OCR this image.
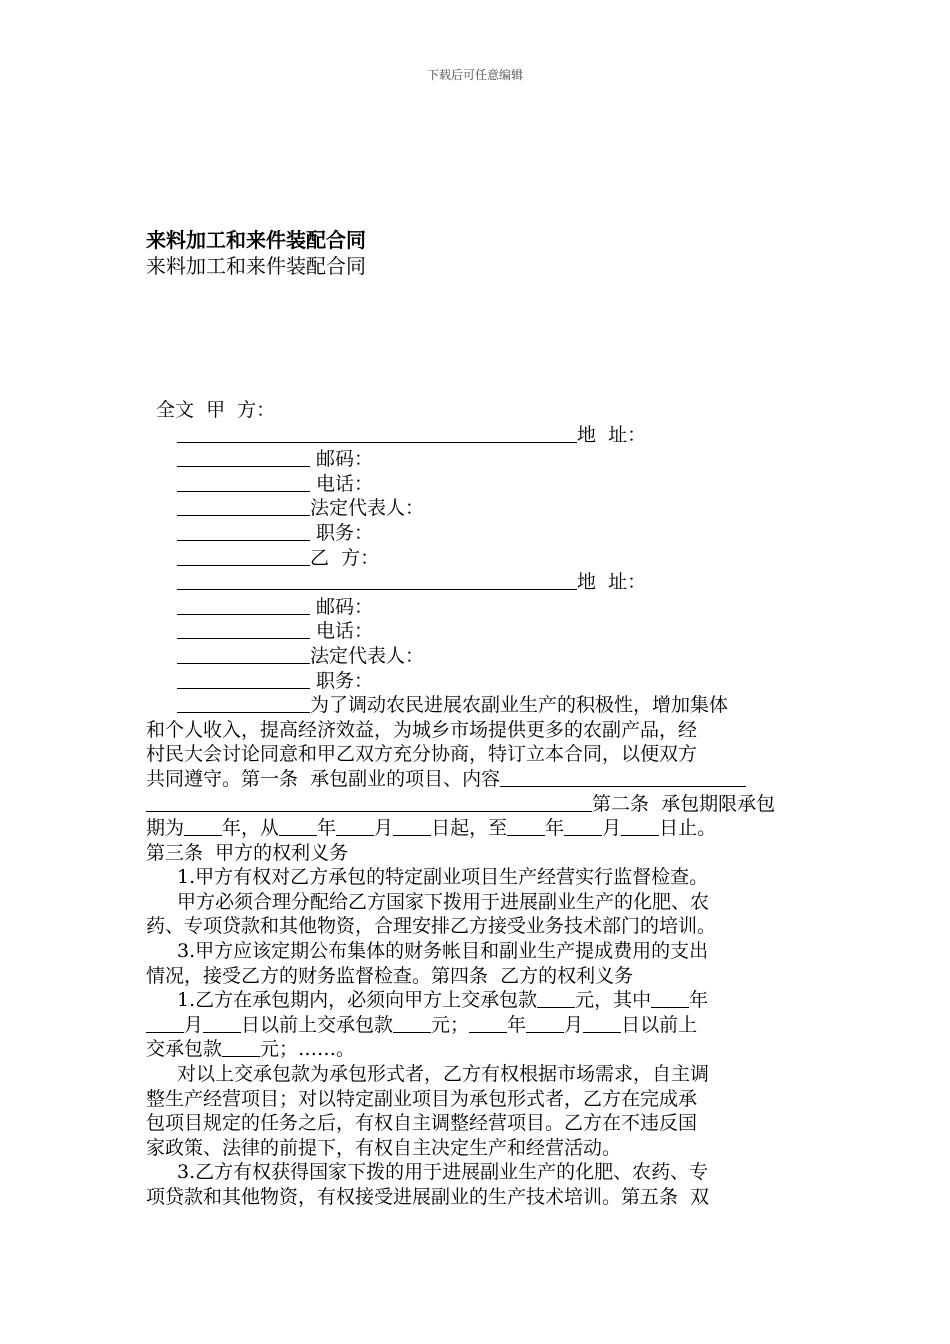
下载后可任意编辑
来料加工和来件装配合同
来料加工和来件装配合同
全文  甲  方：
地  址：
邮码：
电话：
法定代表人：
职务：
乙  方：
地  址：
邮码：
电话：
法定代表人：
职务：
为了调动农民进展农副业生产的积极性，增加集体
和个人收入，提高经济效益，为城乡市场提供更多的农副产品，经
村民大会讨论同意和甲乙双方充分协商，特订立本合同，以便双方
共同遵守。第一条  承包副业的项目、内容
第二条  承包期限承包
期为 年，从 年 月 日起，至 年 月 日止。
第三条  甲方的权利义务
1.甲方有权对乙方承包的特定副业项目生产经营实行监督检查。
甲方必须合理分配给乙方国家下拨用于进展副业生产的化肥、农
药、专项贷款和其他物资，合理安排乙方接受业务技术部门的培训。
3.甲方应该定期公布集体的财务帐目和副业生产提成费用的支出
情况，接受乙方的财务监督检查。第四条  乙方的权利义务
1.乙方在承包期内，必须向甲方上交承包款 元，其中 年
月 日以前上交承包款 元； 年 月 日以前上
交承包款 元；……。
对以上交承包款为承包形式者，乙方有权根据市场需求，自主调
整生产经营项目；对以特定副业项目为承包形式者，乙方在完成承
包项目规定的任务之后，有权自主调整经营项目。乙方在不违反国
家政策、法律的前提下，有权自主决定生产和经营活动。
3.乙方有权获得国家下拨的用于进展副业生产的化肥、农药、专
项贷款和其他物资，有权接受进展副业的生产技术培训。第五条  双
